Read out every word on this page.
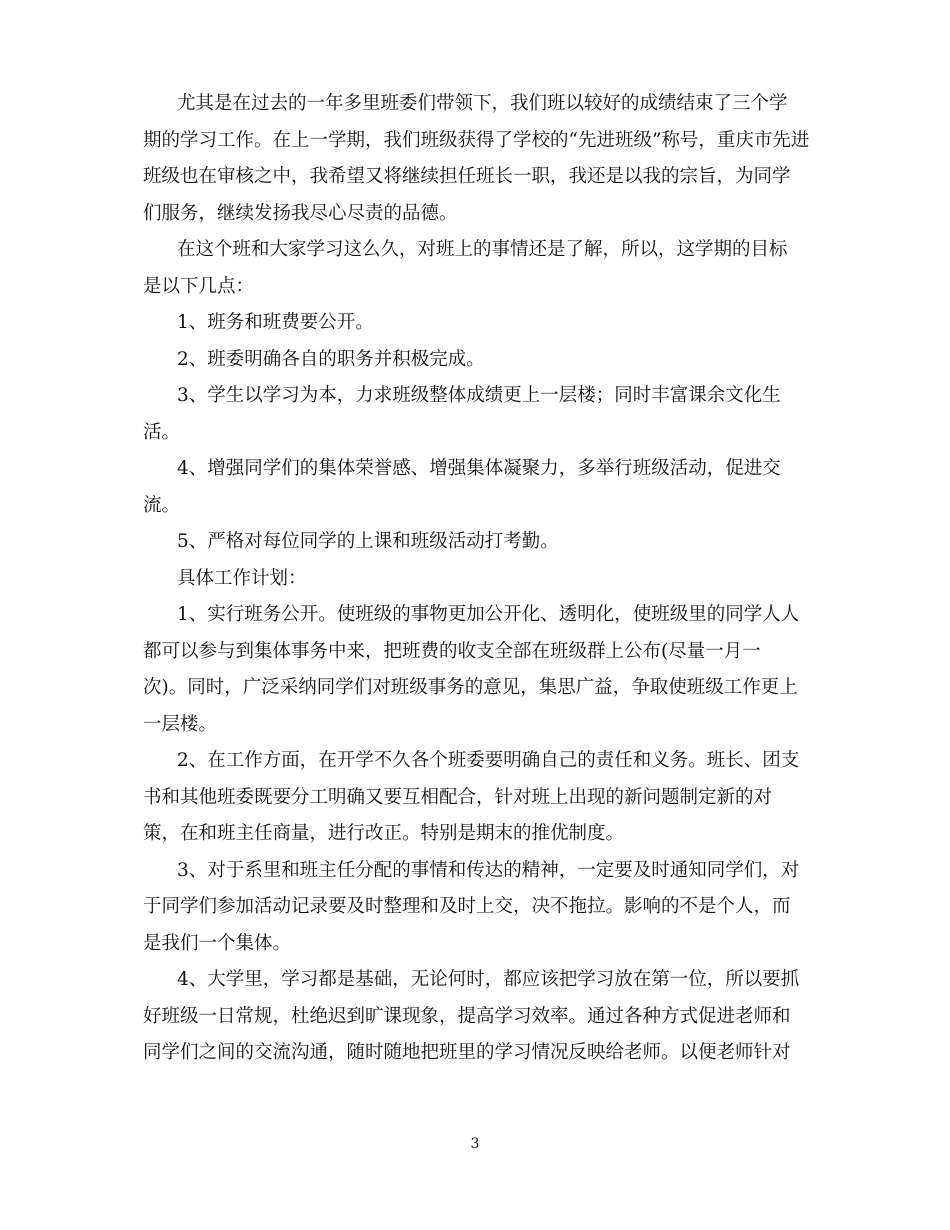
尤其是在过去的一年多里班委们带领下，我们班以较好的成绩结束了三个学
期的学习工作。在上一学期，我们班级获得了学校的“先进班级”称号，重庆市先进
班级也在审核之中，我希望又将继续担任班长一职，我还是以我的宗旨，为同学
们服务，继续发扬我尽心尽责的品德。
在这个班和大家学习这么久，对班上的事情还是了解，所以，这学期的目标
是以下几点：
1、班务和班费要公开。
2、班委明确各自的职务并积极完成。
3、学生以学习为本，力求班级整体成绩更上一层楼；同时丰富课余文化生
活。
4、增强同学们的集体荣誉感、增强集体凝聚力，多举行班级活动，促进交
流。
5、严格对每位同学的上课和班级活动打考勤。
具体工作计划：
1、实行班务公开。使班级的事物更加公开化、透明化，使班级里的同学人人
都可以参与到集体事务中来，把班费的收支全部在班级群上公布(尽量一月一
次)。同时，广泛采纳同学们对班级事务的意见，集思广益，争取使班级工作更上
一层楼。
2、在工作方面，在开学不久各个班委要明确自己的责任和义务。班长、团支
书和其他班委既要分工明确又要互相配合，针对班上出现的新问题制定新的对
策，在和班主任商量，进行改正。特别是期末的推优制度。
3、对于系里和班主任分配的事情和传达的精神，一定要及时通知同学们，对
于同学们参加活动记录要及时整理和及时上交，决不拖拉。影响的不是个人，而
是我们一个集体。
4、大学里，学习都是基础，无论何时，都应该把学习放在第一位，所以要抓
好班级一日常规，杜绝迟到旷课现象，提高学习效率。通过各种方式促进老师和
同学们之间的交流沟通，随时随地把班里的学习情况反映给老师。以便老师针对
3
